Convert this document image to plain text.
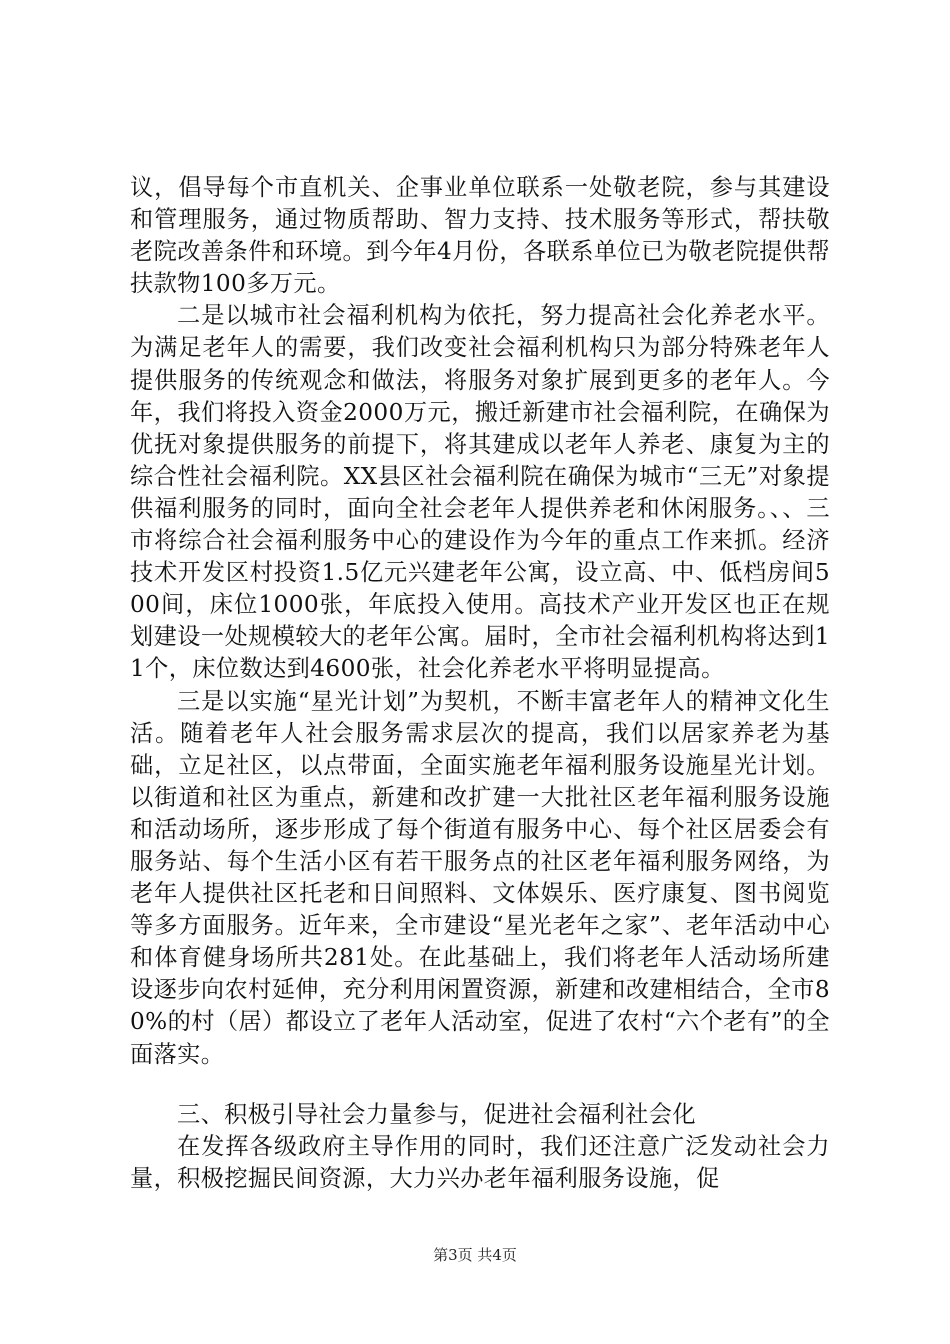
议，倡导每个市直机关、企事业单位联系一处敬老院，参与其建设和管理服务，通过物质帮助、智力支持、技术服务等形式，帮扶敬老院改善条件和环境。到今年4月份，各联系单位已为敬老院提供帮扶款物100多万元。

二是以城市社会福利机构为依托，努力提高社会化养老水平。为满足老年人的需要，我们改变社会福利机构只为部分特殊老年人提供服务的传统观念和做法，将服务对象扩展到更多的老年人。今年，我们将投入资金2000万元，搬迁新建市社会福利院，在确保为优抚对象提供服务的前提下，将其建成以老年人养老、康复为主的综合性社会福利院。XX县区社会福利院在确保为城市“三无”对象提供福利服务的同时，面向全社会老年人提供养老和休闲服务。、、三市将综合社会福利服务中心的建设作为今年的重点工作来抓。经济技术开发区村投资1.5亿元兴建老年公寓，设立高、中、低档房间500间，床位1000张，年底投入使用。高技术产业开发区也正在规划建设一处规模较大的老年公寓。届时，全市社会福利机构将达到11个，床位数达到4600张，社会化养老水平将明显提高。

三是以实施“星光计划”为契机，不断丰富老年人的精神文化生活。随着老年人社会服务需求层次的提高，我们以居家养老为基础，立足社区，以点带面，全面实施老年福利服务设施星光计划。以街道和社区为重点，新建和改扩建一大批社区老年福利服务设施和活动场所，逐步形成了每个街道有服务中心、每个社区居委会有服务站、每个生活小区有若干服务点的社区老年福利服务网络，为老年人提供社区托老和日间照料、文体娱乐、医疗康复、图书阅览等多方面服务。近年来，全市建设“星光老年之家”、老年活动中心和体育健身场所共281处。在此基础上，我们将老年人活动场所建设逐步向农村延伸，充分利用闲置资源，新建和改建相结合，全市80%的村（居）都设立了老年人活动室，促进了农村“六个老有”的全面落实。

三、积极引导社会力量参与，促进社会福利社会化

在发挥各级政府主导作用的同时，我们还注意广泛发动社会力量，积极挖掘民间资源，大力兴办老年福利服务设施，促

第3页 共4页
